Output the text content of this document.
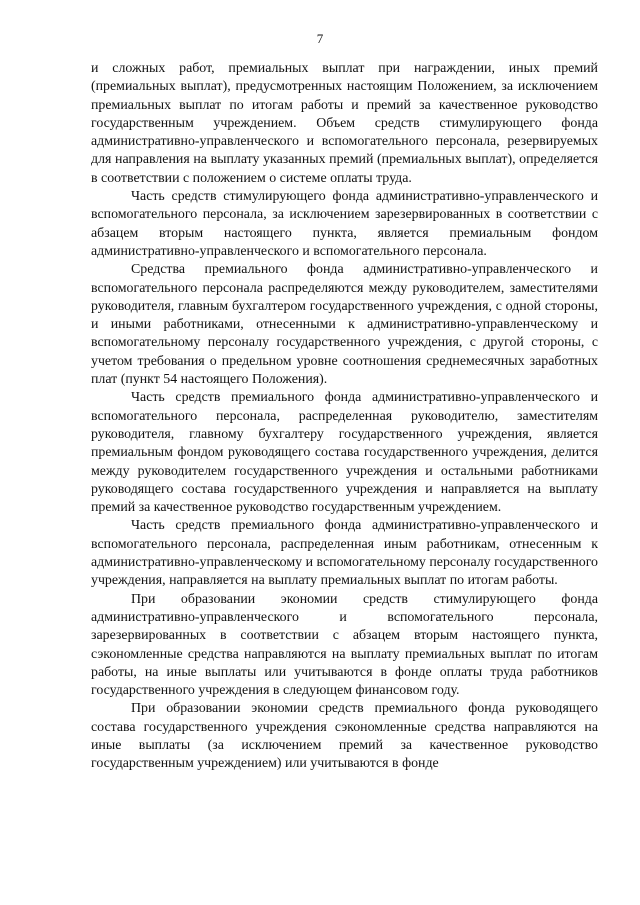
7

и сложных работ, премиальных выплат при награждении, иных премий (премиальных выплат), предусмотренных настоящим Положением, за исключением премиальных выплат по итогам работы и премий за качественное руководство государственным учреждением. Объем средств стимулирующего фонда административно-управленческого и вспомогательного персонала, резервируемых для направления на выплату указанных премий (премиальных выплат), определяется в соответствии с положением о системе оплаты труда.

Часть средств стимулирующего фонда административно-управленческого и вспомогательного персонала, за исключением зарезервированных в соответствии с абзацем вторым настоящего пункта, является премиальным фондом административно-управленческого и вспомогательного персонала.

Средства премиального фонда административно-управленческого и вспомогательного персонала распределяются между руководителем, заместителями руководителя, главным бухгалтером государственного учреждения, с одной стороны, и иными работниками, отнесенными к административно-управленческому и вспомогательному персоналу государственного учреждения, с другой стороны, с учетом требования о предельном уровне соотношения среднемесячных заработных плат (пункт 54 настоящего Положения).

Часть средств премиального фонда административно-управленческого и вспомогательного персонала, распределенная руководителю, заместителям руководителя, главному бухгалтеру государственного учреждения, является премиальным фондом руководящего состава государственного учреждения, делится между руководителем государственного учреждения и остальными работниками руководящего состава государственного учреждения и направляется на выплату премий за качественное руководство государственным учреждением.

Часть средств премиального фонда административно-управленческого и вспомогательного персонала, распределенная иным работникам, отнесенным к административно-управленческому и вспомогательному персоналу государственного учреждения, направляется на выплату премиальных выплат по итогам работы.

При образовании экономии средств стимулирующего фонда административно-управленческого и вспомогательного персонала, зарезервированных в соответствии с абзацем вторым настоящего пункта, сэкономленные средства направляются на выплату премиальных выплат по итогам работы, на иные выплаты или учитываются в фонде оплаты труда работников государственного учреждения в следующем финансовом году.

При образовании экономии средств премиального фонда руководящего состава государственного учреждения сэкономленные средства направляются на иные выплаты (за исключением премий за качественное руководство государственным учреждением) или учитываются в фонде
